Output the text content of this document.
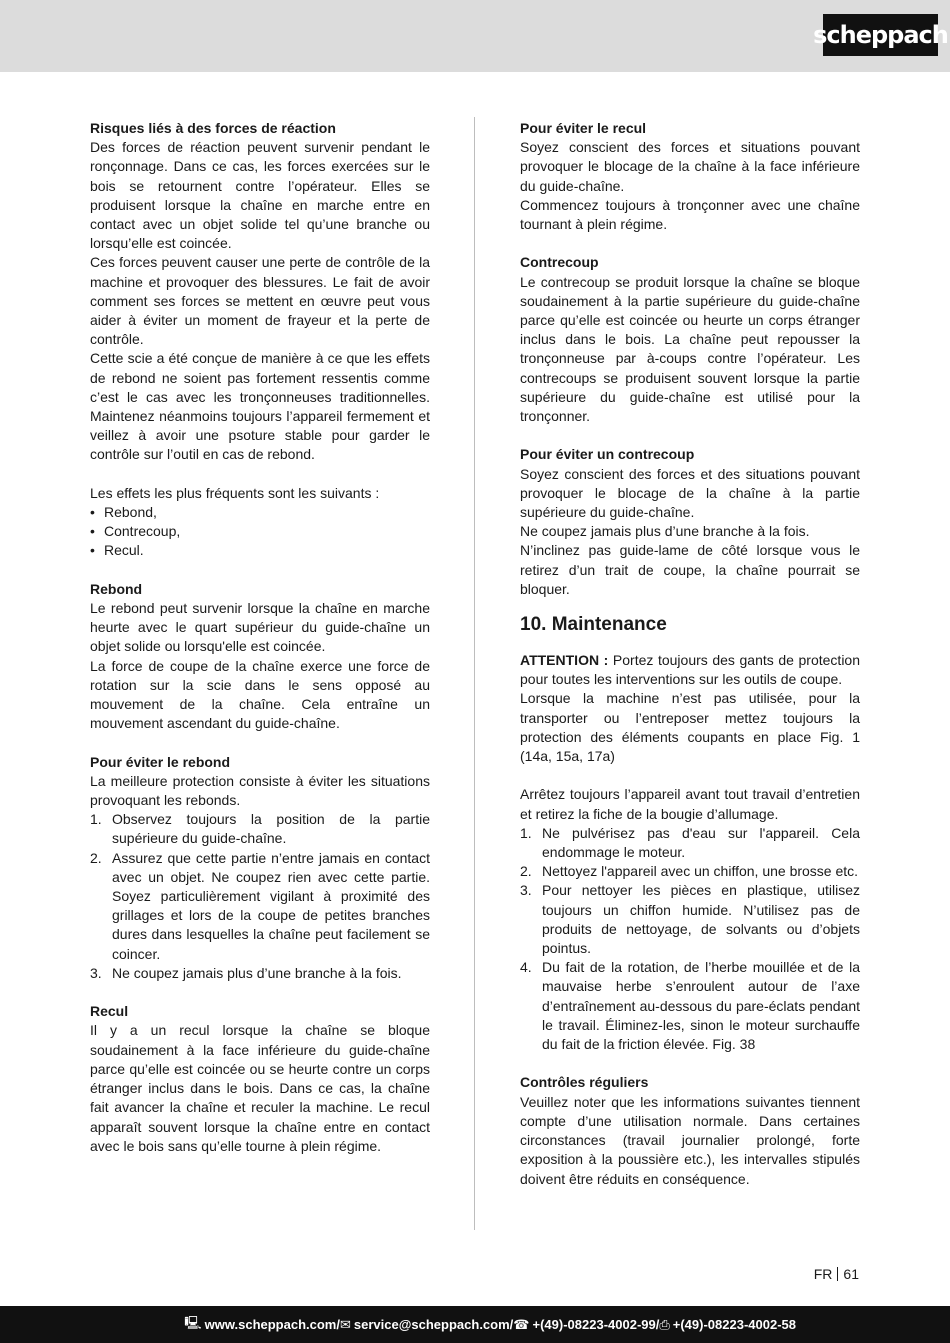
scheppach
Risques liés à des forces de réaction

Des forces de réaction peuvent survenir pendant le ronçonnage. Dans ce cas, les forces exercées sur le bois se retournent contre l’opérateur. Elles se produisent lorsque la chaîne en marche entre en contact avec un objet solide tel qu’une branche ou lorsqu’elle est coincée.

Ces forces peuvent causer une perte de contrôle de la machine et provoquer des blessures. Le fait de avoir comment ses forces se mettent en œuvre peut vous aider à éviter un moment de frayeur et la perte de contrôle.

Cette scie a été conçue de manière à ce que les effets de rebond ne soient pas fortement ressentis comme c’est le cas avec les tronçonneuses traditionnelles. Maintenez néanmoins toujours l’appareil fermement et veillez à avoir une psoture stable pour garder le contrôle sur l’outil en cas de rebond.

Les effets les plus fréquents sont les suivants :

• Rebond,
• Contrecoup,
• Recul.
Rebond

Le rebond peut survenir lorsque la chaîne en marche heurte avec le quart supérieur du guide-chaîne un objet solide ou lorsqu'elle est coincée.

La force de coupe de la chaîne exerce une force de rotation sur la scie dans le sens opposé au mouvement de la chaîne. Cela entraîne un mouvement ascendant du guide-chaîne.

Pour éviter le rebond

La meilleure protection consiste à éviter les situations provoquant les rebonds.

1. Observez toujours la position de la partie supérieure du guide-chaîne.
2. Assurez que cette partie n’entre jamais en contact avec un objet. Ne coupez rien avec cette partie. Soyez particulièrement vigilant à proximité des grillages et lors de la coupe de petites branches dures dans lesquelles la chaîne peut facilement se coincer.
3. Ne coupez jamais plus d’une branche à la fois.
Recul

Il y a un recul lorsque la chaîne se bloque soudainement à la face inférieure du guide-chaîne parce qu’elle est coincée ou se heurte contre un corps étranger inclus dans le bois. Dans ce cas, la chaîne fait avancer la chaîne et reculer la machine. Le recul apparaît souvent lorsque la chaîne entre en contact avec le bois sans qu’elle tourne à plein régime.

Pour éviter le recul

Soyez conscient des forces et situations pouvant provoquer le blocage de la chaîne à la face inférieure du guide-chaîne.

Commencez toujours à tronçonner avec une chaîne tournant à plein régime.

Contrecoup

Le contrecoup se produit lorsque la chaîne se bloque soudainement à la partie supérieure du guide-chaîne parce qu’elle est coincée ou heurte un corps étranger inclus dans le bois. La chaîne peut repousser la tronçonneuse par à-coups contre l’opérateur. Les contrecoups se produisent souvent lorsque la partie supérieure du guide-chaîne est utilisé pour la tronçonner.

Pour éviter un contrecoup

Soyez conscient des forces et des situations pouvant provoquer le blocage de la chaîne à la partie supérieure du guide-chaîne.

Ne coupez jamais plus d’une branche à la fois.

N’inclinez pas guide-lame de côté lorsque vous le retirez d’un trait de coupe, la chaîne pourrait se bloquer.

10. Maintenance

ATTENTION : Portez toujours des gants de protection pour toutes les interventions sur les outils de coupe.

Lorsque la machine n’est pas utilisée, pour la transporter ou l’entreposer mettez toujours la protection des éléments coupants en place Fig. 1 (14a, 15a, 17a)

Arrêtez toujours l’appareil avant tout travail d’entretien et retirez la fiche de la bougie d’allumage.

1. Ne pulvérisez pas d'eau sur l'appareil. Cela endommage le moteur.
2. Nettoyez l'appareil avec un chiffon, une brosse etc.
3. Pour nettoyer les pièces en plastique, utilisez toujours un chiffon humide. N’utilisez pas de produits de nettoyage, de solvants ou d’objets pointus.
4. Du fait de la rotation, de l’herbe mouillée et de la mauvaise herbe s’enroulent autour de l’axe d’entraînement au-dessous du pare-éclats pendant le travail. Éliminez-les, sinon le moteur surchauffe du fait de la friction élevée. Fig. 38
Contrôles réguliers

Veuillez noter que les informations suivantes tiennent compte d’une utilisation normale. Dans certaines circonstances (travail journalier prolongé, forte exposition à la poussière etc.), les intervalles stipulés doivent être réduits en conséquence.

FR 61
🖳 www.scheppach.com / ✉ service@scheppach.com / ☎ +(49)-08223-4002-99 / ⎙ +(49)-08223-4002-58
